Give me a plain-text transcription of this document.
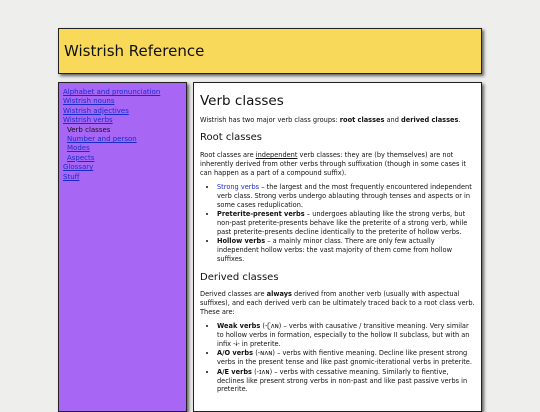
Wistrish Reference
Alphabet and pronunciation
Wistrish nouns
Wistrish adjectives
Wistrish verbs
Verb classes
Number and person
Modes
Aspects
Glossary
Stuff
Verb classes

Wistrish has two major verb class groups: root classes and derived classes.

Root classes

Root classes are independent verb classes: they are (by themselves) are not inherently derived from other verbs through suffixation (though in some cases it can happen as a part of a compound suffix).

• Strong verbs – the largest and the most frequently encountered independent verb class. Strong verbs undergo ablauting through tenses and aspects or in some cases reduplication.
• Preterite-present verbs – undergoes ablauting like the strong verbs, but non-past preterite-presents behave like the preterite of a strong verb, while past preterite-presents decline identically to the preterite of hollow verbs.
• Hollow verbs – a mainly minor class. There are only few actually independent hollow verbs: the vast majority of them come from hollow suffixes.
Derived classes

Derived classes are always derived from another verb (usually with aspectual suffixes), and each derived verb can be ultimately traced back to a root class verb. These are:

• Weak verbs (-ʗʌɴ) – verbs with causative / transitive meaning. Very similar to hollow verbs in formation, especially to the hollow II subclass, but with an infix -ɨ- in preterite.
• A/O verbs (-ɴʌɴ) – verbs with fientive meaning. Decline like present strong verbs in the present tense and like past gnomic-iterational verbs in preterite.
• A/E verbs (-ɪʌɴ) – verbs with cessative meaning. Similarly to fientive, declines like present strong verbs in non-past and like past passive verbs in preterite.
